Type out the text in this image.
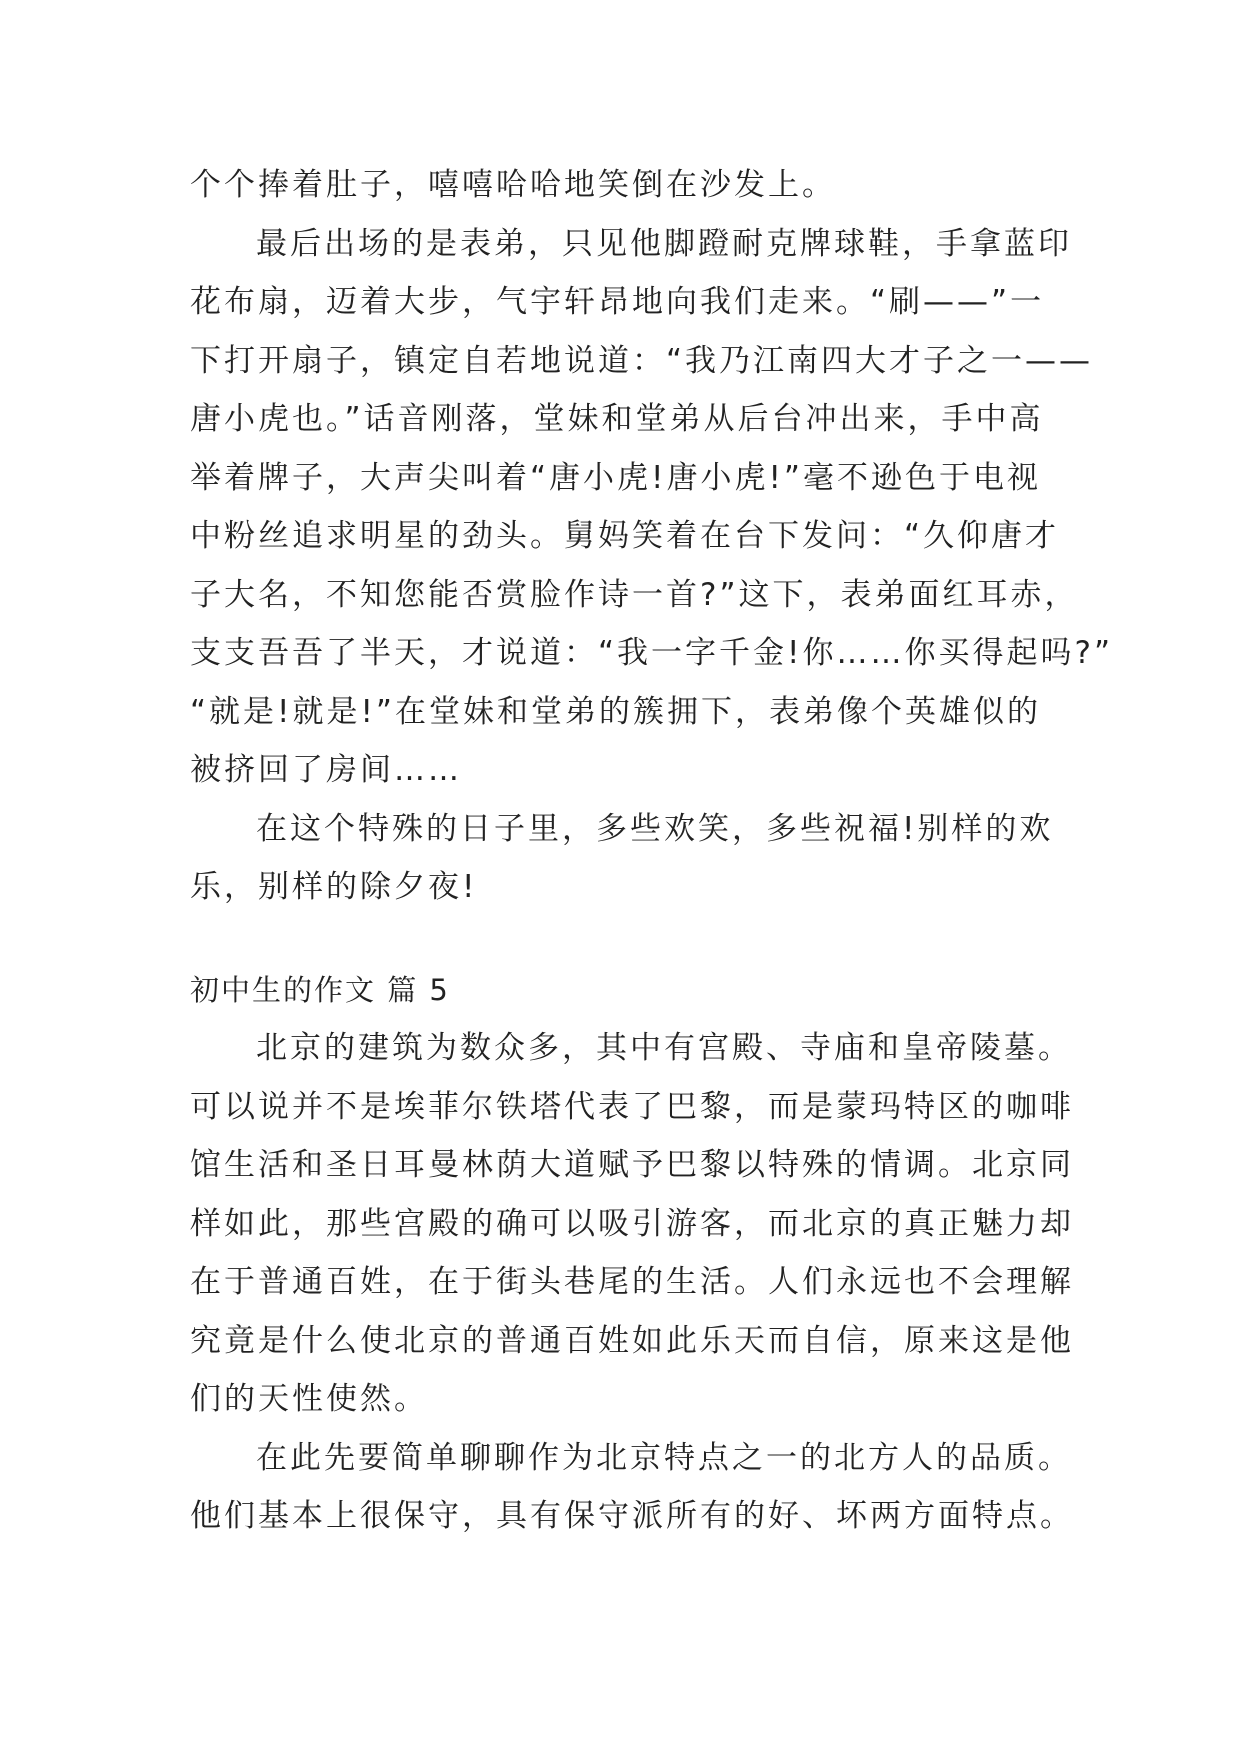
个个捧着肚子，嘻嘻哈哈地笑倒在沙发上。
最后出场的是表弟，只见他脚蹬耐克牌球鞋，手拿蓝印
花布扇，迈着大步，气宇轩昂地向我们走来。“刷——”一
下打开扇子，镇定自若地说道：“我乃江南四大才子之一——
唐小虎也。”话音刚落，堂妹和堂弟从后台冲出来，手中高
举着牌子，大声尖叫着“唐小虎!唐小虎!”毫不逊色于电视
中粉丝追求明星的劲头。舅妈笑着在台下发问：“久仰唐才
子大名，不知您能否赏脸作诗一首?”这下，表弟面红耳赤，
支支吾吾了半天，才说道：“我一字千金!你……你买得起吗?”
“就是!就是!”在堂妹和堂弟的簇拥下，表弟像个英雄似的
被挤回了房间……
在这个特殊的日子里，多些欢笑，多些祝福!别样的欢
乐，别样的除夕夜!
初中生的作文 篇 5
北京的建筑为数众多，其中有宫殿、寺庙和皇帝陵墓。
可以说并不是埃菲尔铁塔代表了巴黎，而是蒙玛特区的咖啡
馆生活和圣日耳曼林荫大道赋予巴黎以特殊的情调。北京同
样如此，那些宫殿的确可以吸引游客，而北京的真正魅力却
在于普通百姓，在于街头巷尾的生活。人们永远也不会理解
究竟是什么使北京的普通百姓如此乐天而自信，原来这是他
们的天性使然。
在此先要简单聊聊作为北京特点之一的北方人的品质。
他们基本上很保守，具有保守派所有的好、坏两方面特点。
